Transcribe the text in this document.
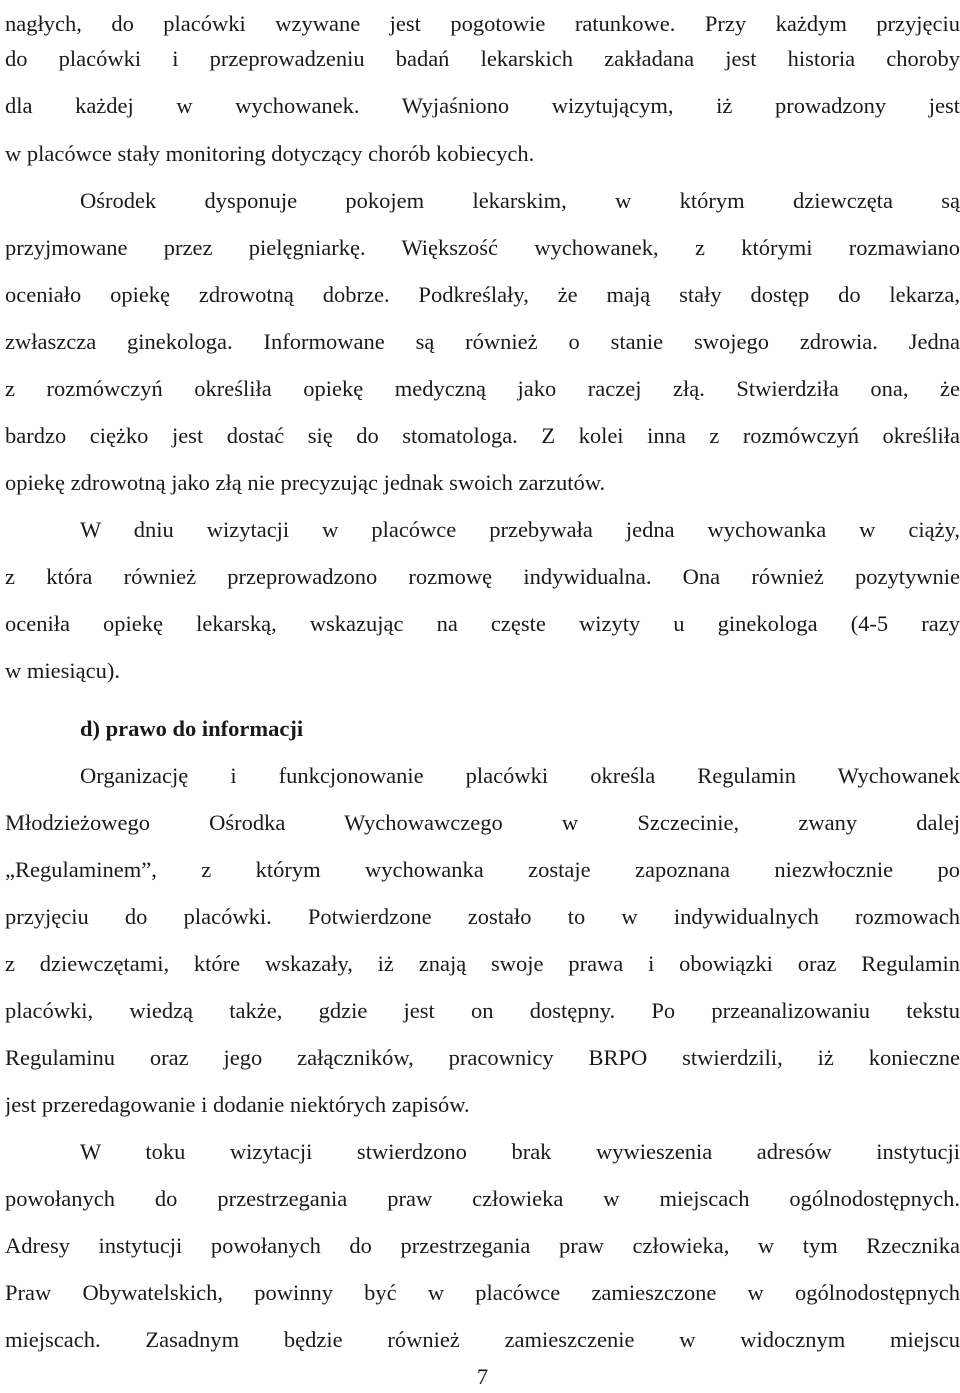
nagłych, do placówki wzywane jest pogotowie ratunkowe. Przy każdym przyjęciu

do placówki i przeprowadzeniu badań lekarskich zakładana jest historia choroby

dla każdej w wychowanek. Wyjaśniono wizytującym, iż prowadzony jest

w placówce stały monitoring dotyczący chorób kobiecych.

Ośrodek dysponuje pokojem lekarskim, w którym dziewczęta są

przyjmowane przez pielęgniarkę. Większość wychowanek, z którymi rozmawiano

oceniało opiekę zdrowotną dobrze. Podkreślały, że mają stały dostęp do lekarza,

zwłaszcza ginekologa. Informowane są również o stanie swojego zdrowia. Jedna

z rozmówczyń określiła opiekę medyczną jako raczej złą. Stwierdziła ona, że

bardzo ciężko jest dostać się do stomatologa. Z kolei inna z rozmówczyń określiła

opiekę zdrowotną jako złą nie precyzując jednak swoich zarzutów.

W dniu wizytacji w placówce przebywała jedna wychowanka w ciąży,

z która również przeprowadzono rozmowę indywidualna. Ona również pozytywnie

oceniła opiekę lekarską, wskazując na częste wizyty u ginekologa (4-5 razy

w miesiącu).

d) prawo do informacji

Organizację i funkcjonowanie placówki określa Regulamin Wychowanek

Młodzieżowego Ośrodka Wychowawczego w Szczecinie, zwany dalej

„Regulaminem”, z którym wychowanka zostaje zapoznana niezwłocznie po

przyjęciu do placówki. Potwierdzone zostało to w indywidualnych rozmowach

z dziewczętami, które wskazały, iż znają swoje prawa i obowiązki oraz Regulamin

placówki, wiedzą także, gdzie jest on dostępny. Po przeanalizowaniu tekstu

Regulaminu oraz jego załączników, pracownicy BRPO stwierdzili, iż konieczne

jest przeredagowanie i dodanie niektórych zapisów.

W toku wizytacji stwierdzono brak wywieszenia adresów instytucji

powołanych do przestrzegania praw człowieka w miejscach ogólnodostępnych.

Adresy instytucji powołanych do przestrzegania praw człowieka, w tym Rzecznika

Praw Obywatelskich, powinny być w placówce zamieszczone w ogólnodostępnych

miejscach. Zasadnym będzie również zamieszczenie w widocznym miejscu

7
